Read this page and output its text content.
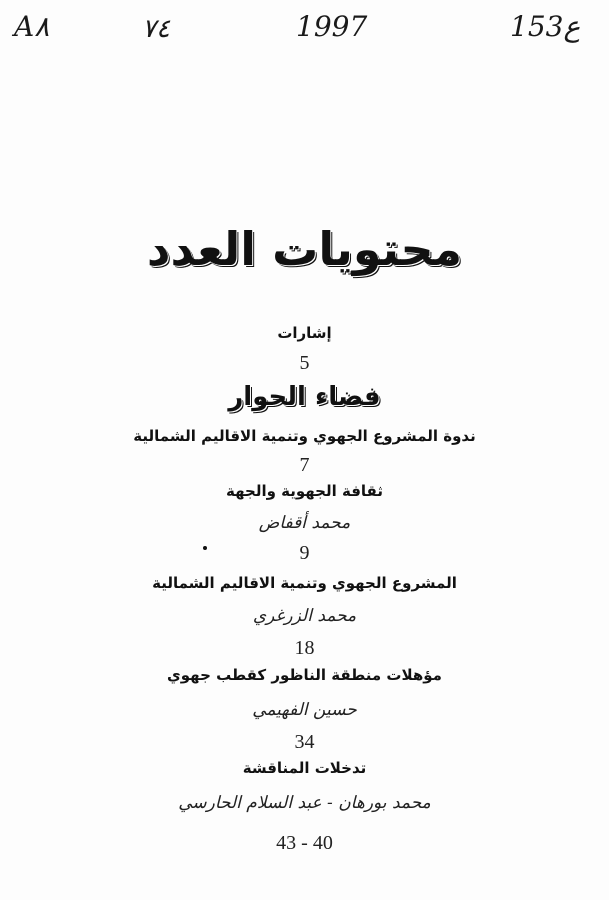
A٨	٧٤	1997	153ع
محتويات العدد
إشارات
5
فضاء الحوار
ندوة المشروع الجهوي وتنمية الاقاليم الشمالية
7
ثقافة الجهوية والجهة
محمد أقفاض
9
المشروع الجهوي وتنمية الاقاليم الشمالية
محمد الزرغري
18
مؤهلات منطقة الناظور كقطب جهوي
حسين الفهيمي
34
تدخلات المناقشة
محمد بورهان - عبد السلام الحارسي
43 - 40
